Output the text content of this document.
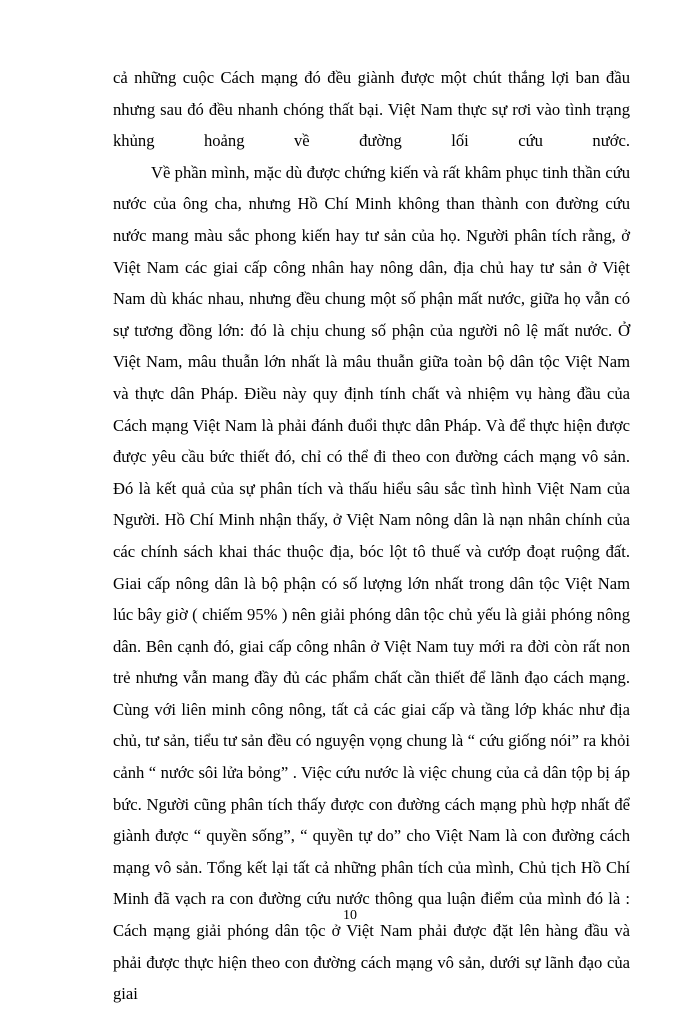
cả những cuộc Cách mạng đó đều giành được một chút thắng lợi ban đầu nhưng sau đó đều nhanh chóng thất bại. Việt Nam thực sự rơi vào tình trạng khủng hoảng về đường lối cứu nước.

Về phần mình, mặc dù được chứng kiến và rất khâm phục tinh thần cứu nước của ông cha, nhưng Hồ Chí Minh không than thành con đường cứu nước mang màu sắc phong kiến hay tư sản của họ. Người phân tích rằng, ở Việt Nam các giai cấp công nhân hay nông dân, địa chủ hay tư sản ở Việt Nam dù khác nhau, nhưng đều chung một số phận mất nước, giữa họ vẫn có sự tương đồng lớn: đó là chịu chung số phận của người nô lệ mất nước. Ở Việt Nam, mâu thuẫn lớn nhất là mâu thuẫn giữa toàn bộ dân tộc Việt Nam và thực dân Pháp. Điều này quy định tính chất và nhiệm vụ hàng đầu của Cách mạng Việt Nam là phải đánh đuổi thực dân Pháp. Và để thực hiện được được yêu cầu bức thiết đó, chỉ có thể đi theo con đường cách mạng vô sản. Đó là kết quả của sự phân tích và thấu hiểu sâu sắc tình hình Việt Nam của Người. Hồ Chí Minh nhận thấy, ở Việt Nam nông dân là nạn nhân chính của các chính sách khai thác thuộc địa, bóc lột tô thuế và cướp đoạt ruộng đất. Giai cấp nông dân là bộ phận có số lượng lớn nhất trong dân tộc Việt Nam lúc bây giờ ( chiếm 95% ) nên giải phóng dân tộc chủ yếu là giải phóng nông dân. Bên cạnh đó, giai cấp công nhân ở Việt Nam tuy mới ra đời còn rất non trẻ nhưng vẫn mang đầy đủ các phẩm chất cần thiết để lãnh đạo cách mạng. Cùng với liên minh công nông, tất cả các giai cấp và tầng lớp khác như địa chủ, tư sản, tiểu tư sản đều có nguyện vọng chung là “ cứu giống nói” ra khỏi cảnh “ nước sôi lửa bỏng” . Việc cứu nước là việc chung của cả dân tộp bị áp bức. Người cũng phân tích thấy được con đường cách mạng phù hợp nhất để giành được “ quyền sống”, “ quyền tự do” cho Việt Nam là con đường cách mạng vô sản. Tổng kết lại tất cả những phân tích của mình, Chủ tịch Hồ Chí Minh đã vạch ra con đường cứu nước thông qua luận điểm của mình đó là : Cách mạng giải phóng dân tộc ở Việt Nam phải được đặt lên hàng đầu và phải được thực hiện theo con đường cách mạng vô sản, dưới sự lãnh đạo của giai

10
